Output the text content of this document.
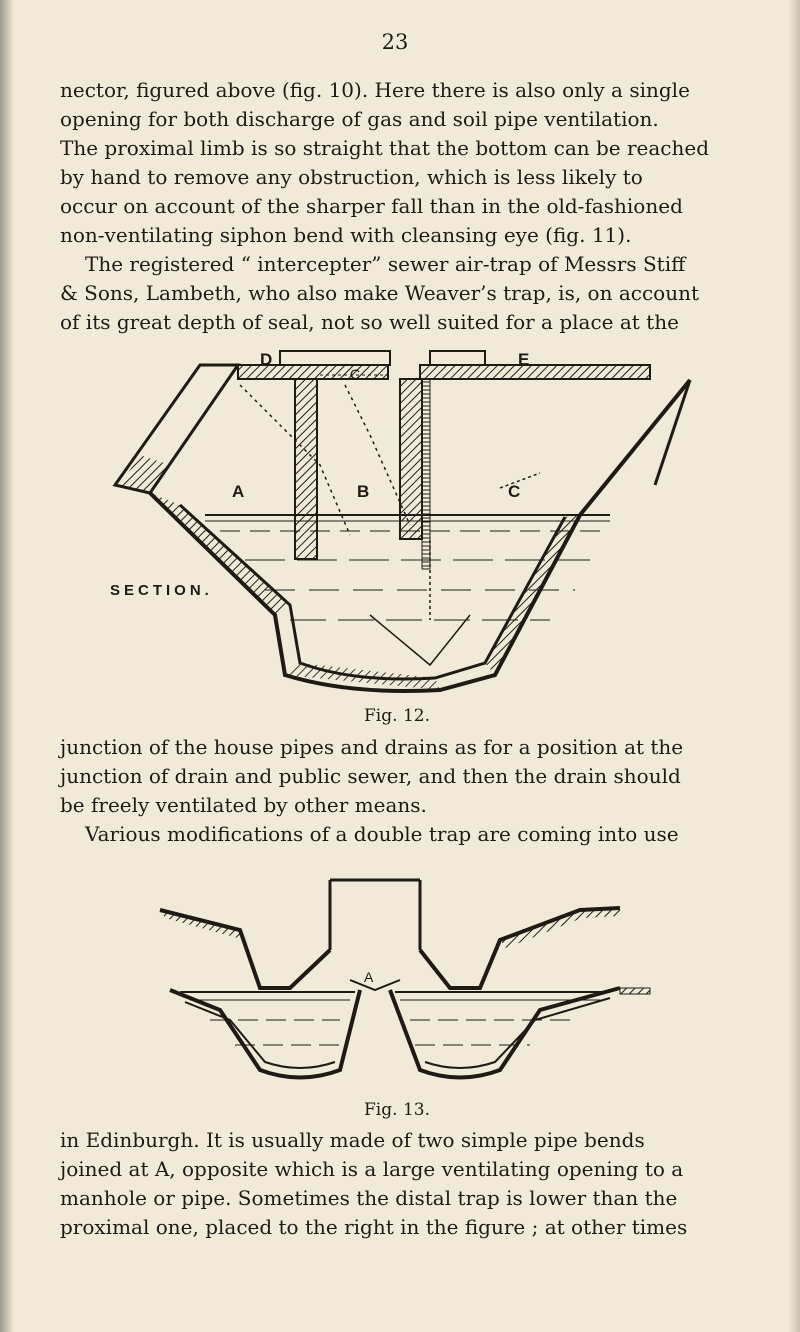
23

nector, figured above (fig. 10). Here there is also only a single
opening for both discharge of gas and soil pipe ventilation.
The proximal limb is so straight that the bottom can be reached
by hand to remove any obstruction, which is less likely to
occur on account of the sharper fall than in the old-fashioned
non-ventilating siphon bend with cleansing eye (fig. 11).

The registered “ intercepter” sewer air-trap of Messrs Stiff
& Sons, Lambeth, who also make Weaver’s trap, is, on account
of its great depth of seal, not so well suited for a place at the

D	E
A	B	C
C
SECTION.
Fig. 12.

junction of the house pipes and drains as for a position at the
junction of drain and public sewer, and then the drain should
be freely ventilated by other means.

Various modifications of a double trap are coming into use

A
Fig. 13.

in Edinburgh. It is usually made of two simple pipe bends
joined at A, opposite which is a large ventilating opening to a
manhole or pipe. Sometimes the distal trap is lower than the
proximal one, placed to the right in the figure ; at other times
